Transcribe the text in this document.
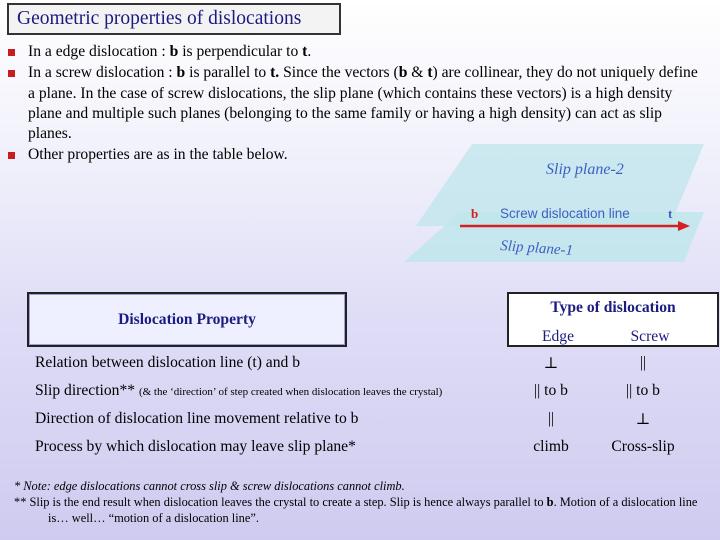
Geometric properties of dislocations
In a edge dislocation : b is perpendicular to t.
In a screw dislocation : b is parallel to t. Since the vectors (b & t) are collinear, they do not uniquely define a plane. In the case of screw dislocations, the slip plane (which contains these vectors) is a high density plane and multiple such planes (belonging to the same family or having a high density) can act as slip planes.
Other properties are as in the table below.
Slip plane-2
b Screw dislocation line	t
Slip plane-1
Dislocation Property
Type of dislocation
Edge	Screw
Relation between dislocation line (t) and b	⊥	||
Slip direction** (& the ‘direction’ of step created when dislocation leaves the crystal)	|| to b	|| to b
Direction of dislocation line movement relative to b	||	⊥
Process by which dislocation may leave slip plane*	climb	Cross-slip
* Note: edge dislocations cannot cross slip & screw dislocations cannot climb.
** Slip is the end result when dislocation leaves the crystal to create a step. Slip is hence always parallel to b. Motion of a dislocation line is… well… “motion of a dislocation line”.
